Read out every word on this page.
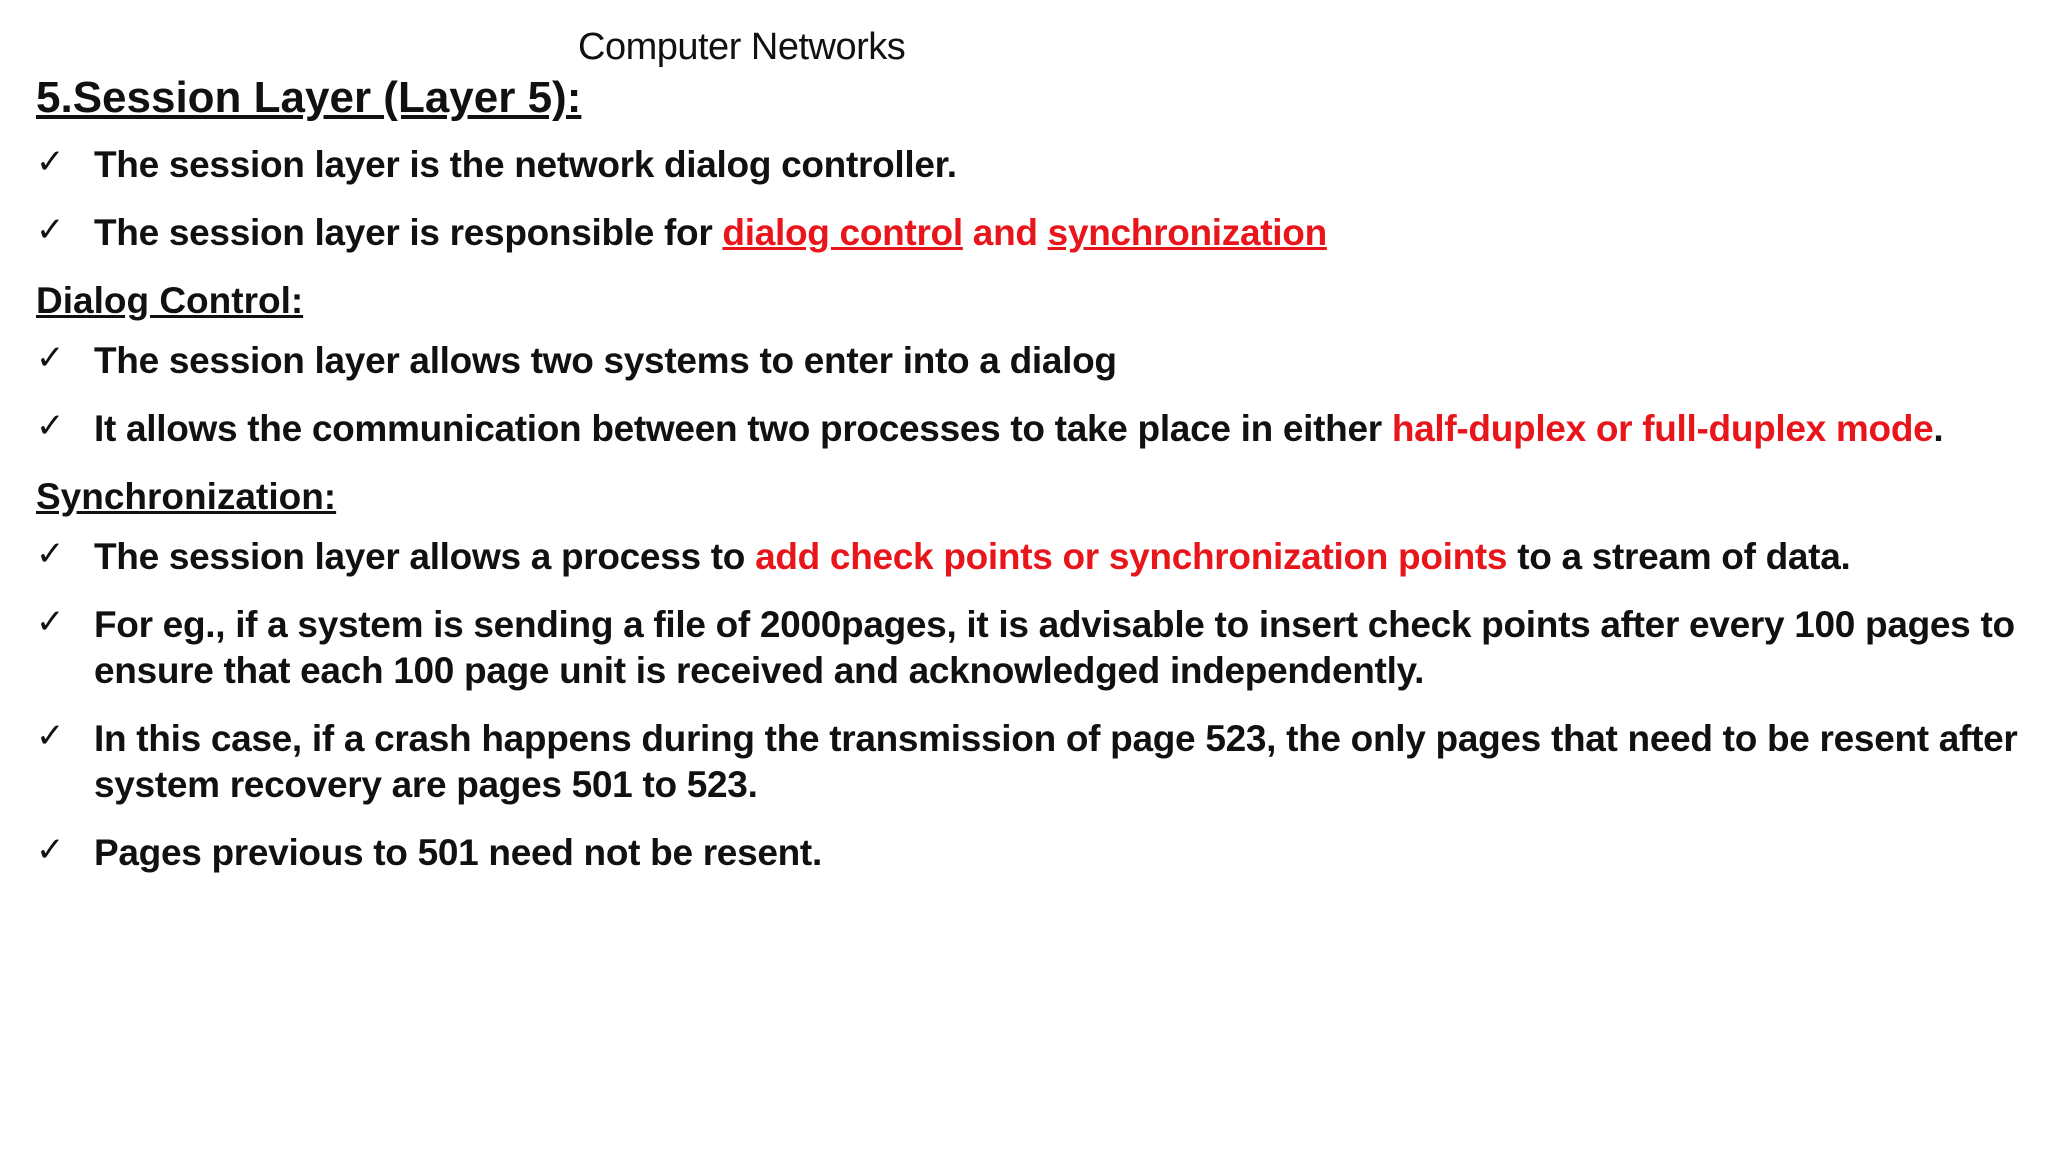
Computer Networks
5.Session Layer (Layer 5):
✓ The session layer is the network dialog controller.
✓ The session layer is responsible for dialog control and synchronization
Dialog Control:
✓ The session layer allows two systems to enter into a dialog
✓ It allows the communication between two processes to take place in either half-duplex or full-duplex mode.
Synchronization:
✓ The session layer allows a process to add check points or synchronization points to a stream of data.
✓ For eg., if a system is sending a file of 2000pages, it is advisable to insert check points after every 100 pages to ensure that each 100 page unit is received and acknowledged independently.
✓ In this case, if a crash happens during the transmission of page 523, the only pages that need to be resent after system recovery are pages 501 to 523.
✓ Pages previous to 501 need not be resent.
